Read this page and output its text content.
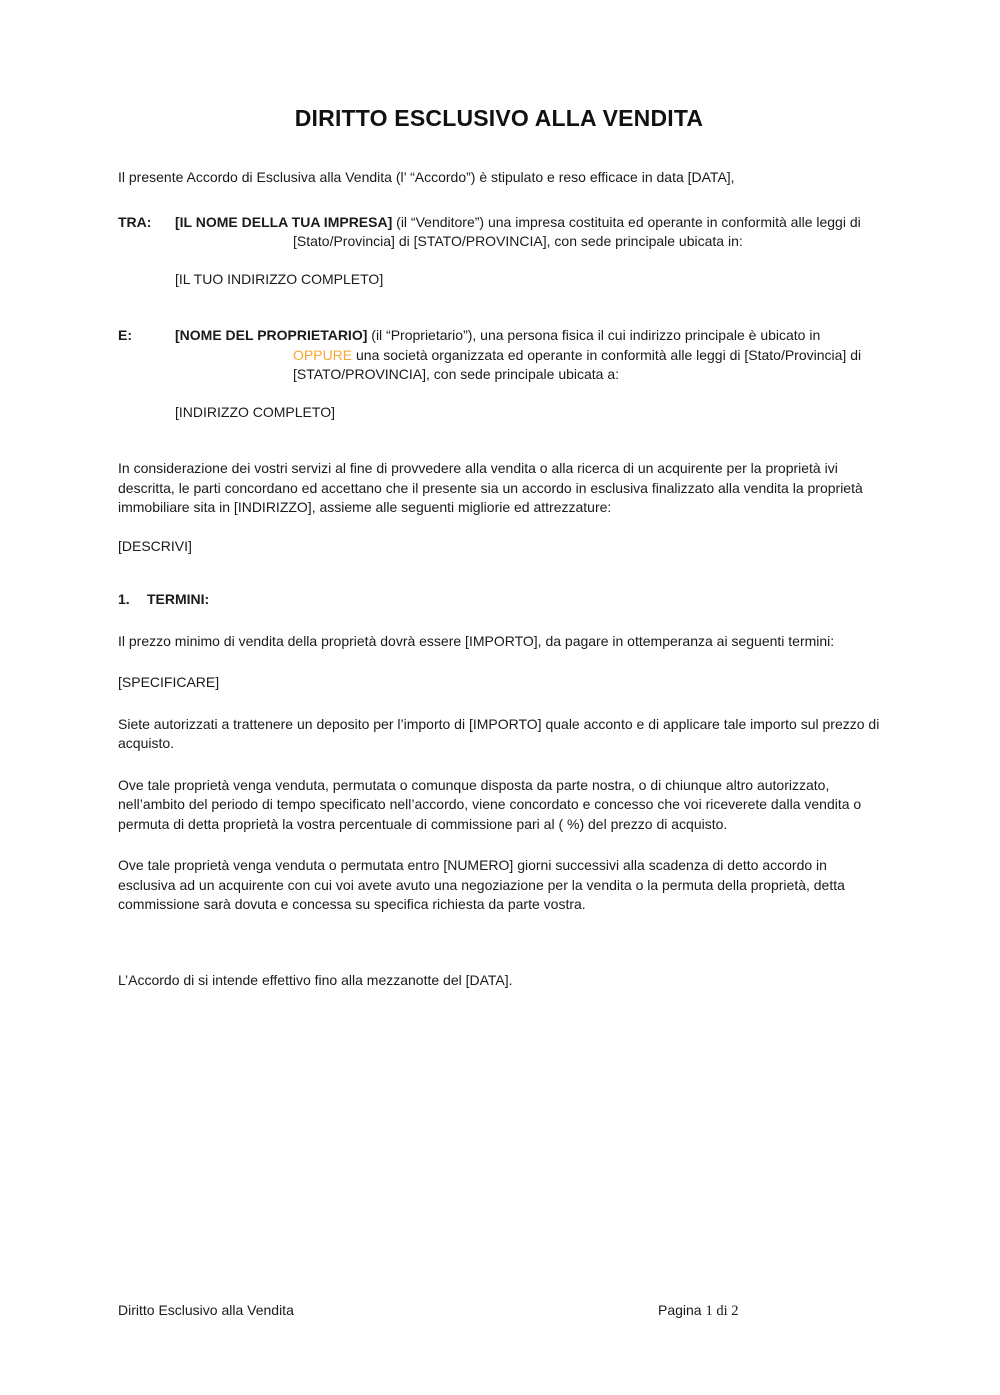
DIRITTO ESCLUSIVO ALLA VENDITA

Il presente Accordo di Esclusiva alla Vendita (l’ “Accordo”) è stipulato e reso efficace in data [DATA],

TRA: [IL NOME DELLA TUA IMPRESA] (il “Venditore”) una impresa costituita ed operante in conformità alle leggi di [Stato/Provincia] di [STATO/PROVINCIA], con sede principale ubicata in:

[IL TUO INDIRIZZO COMPLETO]

E:	[NOME DEL PROPRIETARIO] (il “Proprietario”), una persona fisica il cui indirizzo principale è ubicato in OPPURE una società organizzata ed operante in conformità alle leggi di [Stato/Provincia] di [STATO/PROVINCIA], con sede principale ubicata a:

[INDIRIZZO COMPLETO]

In considerazione dei vostri servizi al fine di provvedere alla vendita o alla ricerca di un acquirente per la proprietà ivi descritta, le parti concordano ed accettano che il presente sia un accordo in esclusiva finalizzato alla vendita la proprietà immobiliare sita in [INDIRIZZO], assieme alle seguenti migliorie ed attrezzature:

[DESCRIVI]

1. TERMINI:

Il prezzo minimo di vendita della proprietà dovrà essere [IMPORTO], da pagare in ottemperanza ai seguenti termini:

[SPECIFICARE]

Siete autorizzati a trattenere un deposito per l’importo di [IMPORTO] quale acconto e di applicare tale importo sul prezzo di acquisto.

Ove tale proprietà venga venduta, permutata o comunque disposta da parte nostra, o di chiunque altro autorizzato, nell’ambito del periodo di tempo specificato nell’accordo, viene concordato e concesso che voi riceverete dalla vendita o permuta di detta proprietà la vostra percentuale di commissione pari al ( %) del prezzo di acquisto.

Ove tale proprietà venga venduta o permutata entro [NUMERO] giorni successivi alla scadenza di detto accordo in esclusiva ad un acquirente con cui voi avete avuto una negoziazione per la vendita o la permuta della proprietà, detta commissione sarà dovuta e concessa su specifica richiesta da parte vostra.

L’Accordo di si intende effettivo fino alla mezzanotte del [DATA].

Diritto Esclusivo alla Vendita	Pagina 1 di 2
